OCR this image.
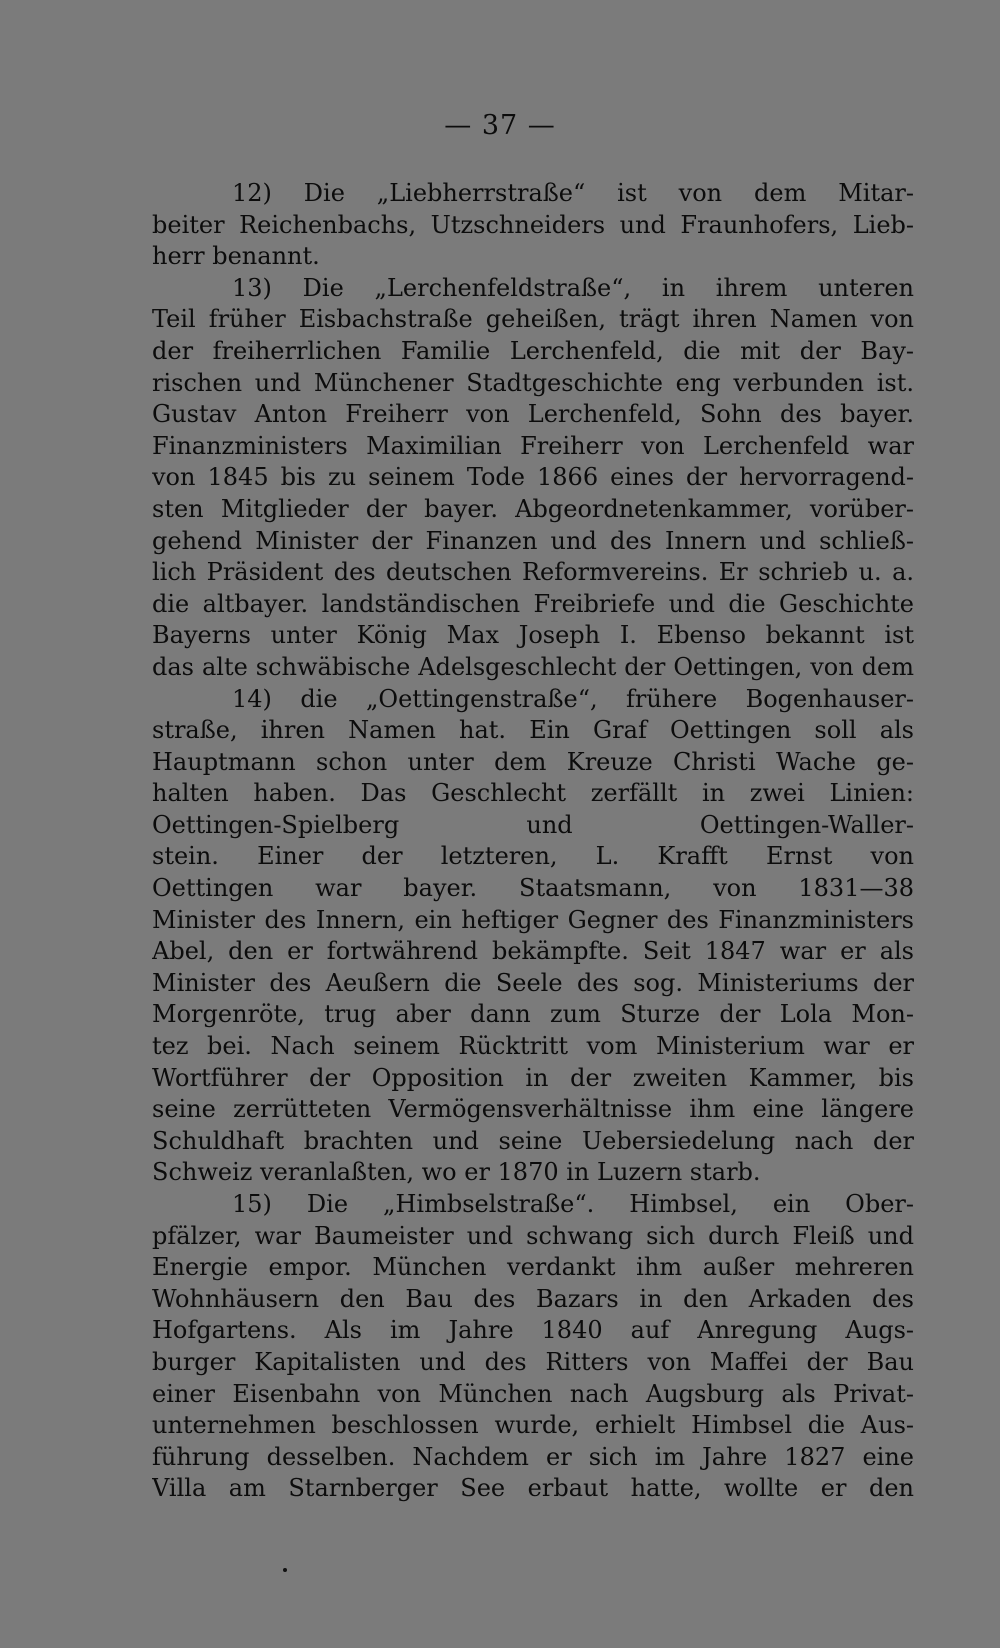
— 37 —
12) Die „Liebherrstraße“ ist von dem Mitar-
beiter Reichenbachs, Utzschneiders und Fraunhofers, Lieb-
herr benannt.
13) Die „Lerchenfeldstraße“, in ihrem unteren
Teil früher Eisbachstraße geheißen, trägt ihren Namen von
der freiherrlichen Familie Lerchenfeld, die mit der Bay-
rischen und Münchener Stadtgeschichte eng verbunden ist.
Gustav Anton Freiherr von Lerchenfeld, Sohn des bayer.
Finanzministers Maximilian Freiherr von Lerchenfeld war
von 1845 bis zu seinem Tode 1866 eines der hervorragend-
sten Mitglieder der bayer. Abgeordnetenkammer, vorüber-
gehend Minister der Finanzen und des Innern und schließ-
lich Präsident des deutschen Reformvereins. Er schrieb u. a.
die altbayer. landständischen Freibriefe und die Geschichte
Bayerns unter König Max Joseph I. Ebenso bekannt ist
das alte schwäbische Adelsgeschlecht der Oettingen, von dem
14) die „Oettingenstraße“, frühere Bogenhauser-
straße, ihren Namen hat. Ein Graf Oettingen soll als
Hauptmann schon unter dem Kreuze Christi Wache ge-
halten haben. Das Geschlecht zerfällt in zwei Linien:
Oettingen-Spielberg und Oettingen-Waller-
stein. Einer der letzteren, L. Krafft Ernst von
Oettingen war bayer. Staatsmann, von 1831—38
Minister des Innern, ein heftiger Gegner des Finanzministers
Abel, den er fortwährend bekämpfte. Seit 1847 war er als
Minister des Aeußern die Seele des sog. Ministeriums der
Morgenröte, trug aber dann zum Sturze der Lola Mon-
tez bei. Nach seinem Rücktritt vom Ministerium war er
Wortführer der Opposition in der zweiten Kammer, bis
seine zerrütteten Vermögensverhältnisse ihm eine längere
Schuldhaft brachten und seine Uebersiedelung nach der
Schweiz veranlaßten, wo er 1870 in Luzern starb.
15) Die „Himbselstraße“. Himbsel, ein Ober-
pfälzer, war Baumeister und schwang sich durch Fleiß und
Energie empor. München verdankt ihm außer mehreren
Wohnhäusern den Bau des Bazars in den Arkaden des
Hofgartens. Als im Jahre 1840 auf Anregung Augs-
burger Kapitalisten und des Ritters von Maffei der Bau
einer Eisenbahn von München nach Augsburg als Privat-
unternehmen beschlossen wurde, erhielt Himbsel die Aus-
führung desselben. Nachdem er sich im Jahre 1827 eine
Villa am Starnberger See erbaut hatte, wollte er den
